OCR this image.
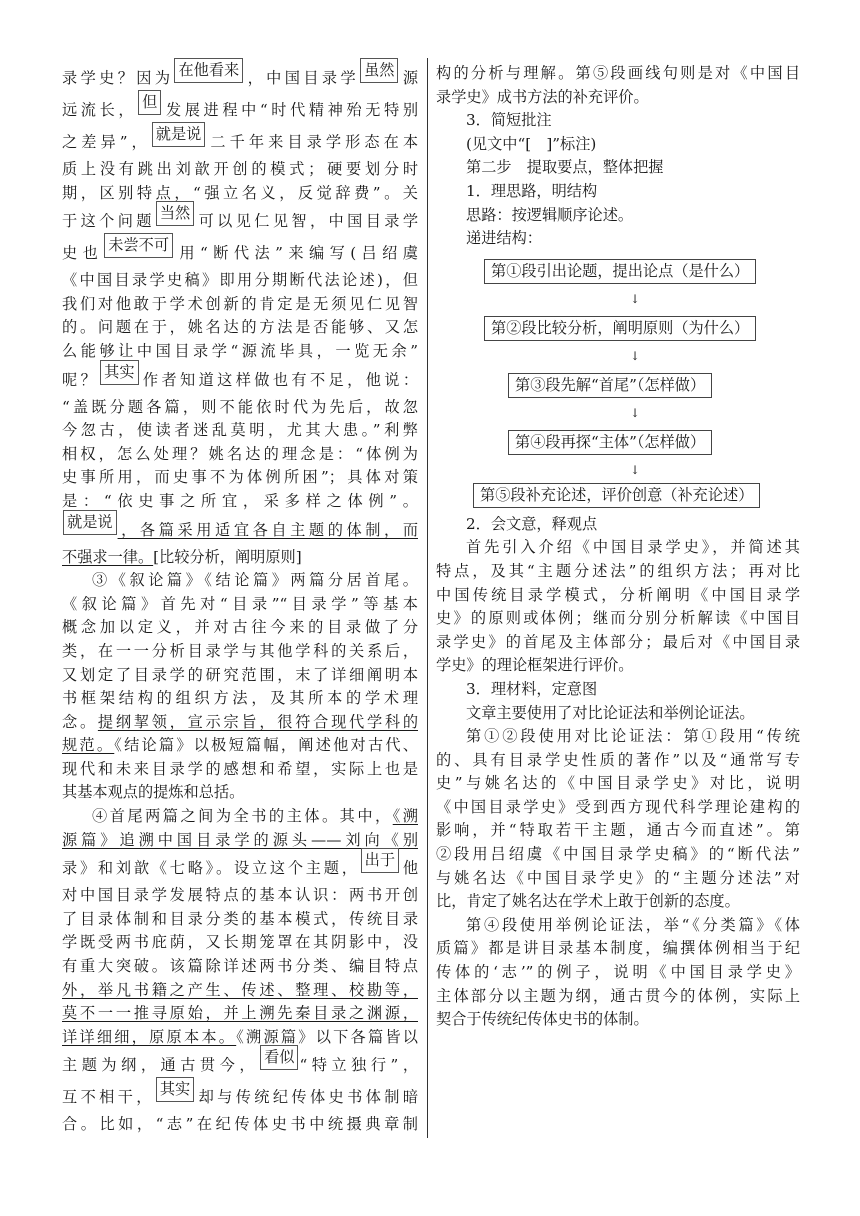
录学史？因为 在他看来 ，中国目录学 虽然 源
远流长， 但 发展进程中“时代精神殆无特别
之差异”， 就是说 二千年来目录学形态在本
质上没有跳出刘歆开创的模式；硬要划分时
期，区别特点，“强立名义，反觉辞费”。关
于这个问题 当然 可以见仁见智，中国目录学
史也 未尝不可 用“断代法”来编写(吕绍虞
《中国目录学史稿》即用分期断代法论述)，但
我们对他敢于学术创新的肯定是无须见仁见智
的。问题在于，姚名达的方法是否能够、又怎
么能够让中国目录学“源流毕具，一览无余”
呢？ 其实 作者知道这样做也有不足，他说：
“盖既分题各篇，则不能依时代为先后，故忽
今忽古，使读者迷乱莫明，尤其大患。”利弊
相权，怎么处理？姚名达的理念是：“体例为
史事所用，而史事不为体例所困”；具体对策
是：“依史事之所宜，采多样之体例”。
就是说 ，各篇采用适宜各自主题的体制，而
不强求一律。[比较分析，阐明原则]
③《叙论篇》《结论篇》两篇分居首尾。
《叙论篇》首先对“目录”“目录学”等基本
概念加以定义，并对古往今来的目录做了分
类，在一一分析目录学与其他学科的关系后，
又划定了目录学的研究范围，末了详细阐明本
书框架结构的组织方法，及其所本的学术理
念。提纲挈领，宣示宗旨，很符合现代学科的
规范。《结论篇》以极短篇幅，阐述他对古代、
现代和未来目录学的感想和希望，实际上也是
其基本观点的提炼和总括。
④首尾两篇之间为全书的主体。其中，《溯
源篇》追溯中国目录学的源头——刘向《别
录》和刘歆《七略》。设立这个主题， 出于 他
对中国目录学发展特点的基本认识：两书开创
了目录体制和目录分类的基本模式，传统目录
学既受两书庇荫，又长期笼罩在其阴影中，没
有重大突破。该篇除详述两书分类、编目特点
外，举凡书籍之产生、传述、整理、校勘等，
莫不一一推寻原始，并上溯先秦目录之渊源，
详详细细，原原本本。《溯源篇》以下各篇皆以
主题为纲，通古贯今， 看似 “特立独行”，
互不相干， 其实 却与传统纪传体史书体制暗
合。比如，“志”在纪传体史书中统摄典章制
构的分析与理解。第⑤段画线句则是对《中国目
录学史》成书方法的补充评价。
3．简短批注
(见文中“[　]”标注)
第二步　提取要点，整体把握
1．理思路，明结构
思路：按逻辑顺序论述。
递进结构：
第①段引出论题，提出论点（是什么）
↓
第②段比较分析，阐明原则（为什么）
↓
第③段先解“首尾”（怎样做）
↓
第④段再探“主体”（怎样做）
↓
第⑤段补充论述，评价创意（补充论述）
2．会文意，释观点
首先引入介绍《中国目录学史》，并简述其
特点，及其“主题分述法”的组织方法；再对比
中国传统目录学模式，分析阐明《中国目录学
史》的原则或体例；继而分别分析解读《中国目
录学史》的首尾及主体部分；最后对《中国目录
学史》的理论框架进行评价。
3．理材料，定意图
文章主要使用了对比论证法和举例论证法。
第①②段使用对比论证法：第①段用“传统
的、具有目录学史性质的著作”以及“通常写专
史”与姚名达的《中国目录学史》对比，说明
《中国目录学史》受到西方现代科学理论建构的
影响，并“特取若干主题，通古今而直述”。第
②段用吕绍虞《中国目录学史稿》的“断代法”
与姚名达《中国目录学史》的“主题分述法”对
比，肯定了姚名达在学术上敢于创新的态度。
第④段使用举例论证法，举“《分类篇》《体
质篇》都是讲目录基本制度，编撰体例相当于纪
传体的‘志’”的例子，说明《中国目录学史》
主体部分以主题为纲，通古贯今的体例，实际上
契合于传统纪传体史书的体制。
